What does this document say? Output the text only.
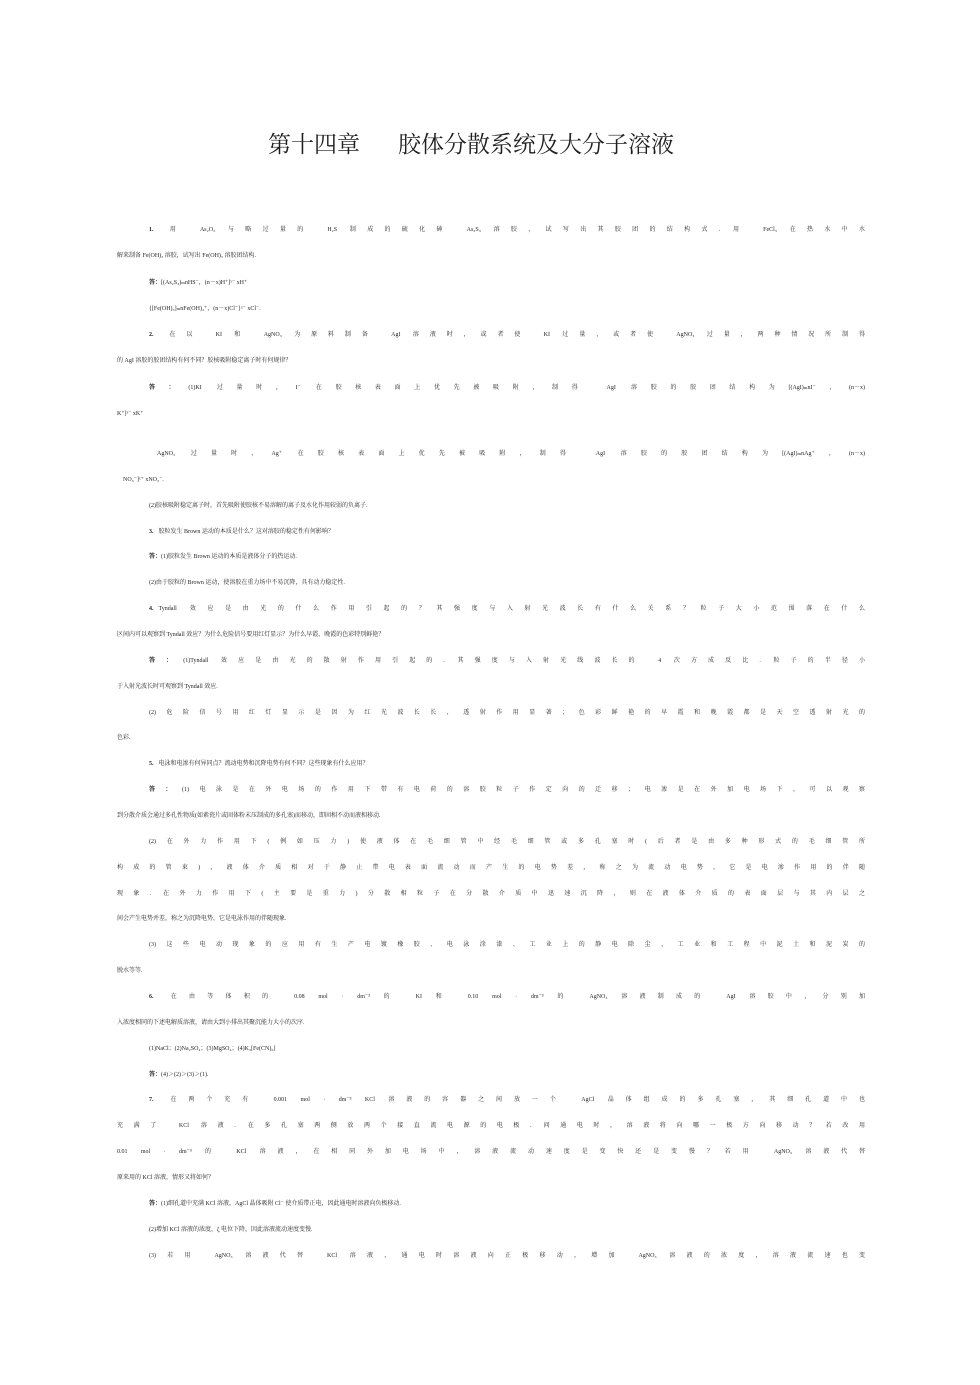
第十四章 胶体分散系统及大分子溶液
1. 用 As₂O₃ 与略过量的 H₂S 制成的硫化砷 As₂S₃ 溶胶，试写出其胶团的结构式. 用 FeCl₃ 在热水中水
解来制备 Fe(OH)₃ 溶胶，试写出 Fe(OH)₃ 溶胶团结构.
答：[(As₂S₃)ₘnHS⁻，(n－x)H⁺]ˣ⁻ xH⁺
{[Fe(OH)₃]ₘnFe(OH)₂⁺，(n－x)Cl⁻}ˣ⁻ xCl⁻.
2. 在以 KI 和 AgNO₃ 为原料制备 AgI 溶液时，或者使 KI 过量，或者使 AgNO₃ 过量，两种情况所制得
的 AgI 溶胶的胶团结构有何不同？胶核吸附稳定离子时有何规律？
答：(1)KI 过量时，I⁻ 在胶核表面上优先被吸附，制得 AgI 溶胶的胶团结构为[(AgI)ₘnI⁻，(n－x)
K⁺]ˣ⁻ xK⁺
AgNO₃ 过量时，Ag⁺ 在胶核表面上优先被吸附，制得 AgI 溶胶的胶团结构为[(AgI)ₘnAg⁺，(n－x)
NO₃⁻]ˣ⁺ xNO₃⁻.
(2)胶核吸附稳定离子时，首先吸附使胶核不易溶解的离子及水化作用较弱的负离子.
3. 胶粒发生 Brown 运动的本质是什么？这对溶胶的稳定性有何影响？
答：(1)胶粒发生 Brown 运动的本质是液体分子的热运动.
(2)由于胶粒的 Brown 运动，使溶胶在重力场中不易沉降，具有动力稳定性.
4. Tyndall 效应是由光的什么作用引起的？其强度与入射光波长有什么关系？粒子大小范围落在什么
区间内可以观察到 Tyndall 效应？为什么危险信号要用红灯显示？为什么早霞、晚霞的色彩特别鲜艳？
答：(1)Tyndall 效应是由光的散射作用引起的. 其强度与入射光线波长的 4 次方成反比. 粒子的半径小
于入射光波长时可观察到 Tyndall 效应.
(2)危险信号用红灯显示是因为红光波长长，透射作用显著；色彩鲜艳的早霞和晚霞都是天空透射光的
色彩.
5. 电泳和电渗有何异同点？流动电势和沉降电势有何不同？这些现象有什么应用？
答：(1)电泳是在外电场的作用下带有电荷的溶胶粒子作定向的迁移；电渗是在外加电场下，可以观察
到分散介质会通过多孔性物质(如素瓷片或固体粉末压制成的多孔塞)而移动，即固相不动而液相移动.
(2)在外力作用下(例如压力)使液体在毛细管中经毛细管或多孔塞时(后者是由多种形式的毛细管所
构成的管束)，液体介质相对于静止带电表面流动而产生的电势差，称之为流动电势，它是电渗作用的伴随
现象. 在外力作用下(主要是重力)分散相粒子在分散介质中迅速沉降，则在液体介质的表面层与其内层之
间会产生电势并差，称之为沉降电势，它是电泳作用的伴随现象.
(3)这些电动现象的应用有生产电镀橡胶、电泳涂漆、工业上的静电除尘、工业和工程中泥土和泥炭的
脱水等等.
6. 在由等体积的 0.08 mol · dm⁻³ 的 KI 和 0.10 mol · dm⁻³ 的 AgNO₃ 溶液制成的 AgI 溶胶中，分别加
入浓度相同的下述电解质溶液，请由大到小排出其聚沉能力大小的次序.
(1)NaCl；(2)Na₂SO₄；(3)MgSO₄；(4)K₃[Fe(CN)₆]
答：(4)＞(2)＞(3)＞(1).
7. 在两个充有 0.001 mol · dm⁻³ KCl 溶液的容器之间放一个 AgCl 晶体组成的多孔塞，其细孔道中也
充满了 KCl 溶液. 在多孔塞两侧放两个接直流电源的电极. 问通电时，溶液将向哪一极方向移动？若改用
0.01 mol · dm⁻³ 的 KCl 溶液，在相同外加电场中，溶液流动速度是变快还是变慢？若用 AgNO₃ 溶液代替
原来用的 KCl 溶液，情形又将如何？
答：(1)细孔道中充满 KCl 溶液，AgCl 晶体吸附 Cl⁻ 使介质带正电，因此通电时溶液向负极移动.
(2)增加 KCl 溶液的浓度，ζ 电位下降，因此溶液流动速度变慢.
(3)若用 AgNO₃ 溶液代替 KCl 溶液，通电时溶液向正极移动，增加 AgNO₃ 溶液的浓度，溶液流速也变
